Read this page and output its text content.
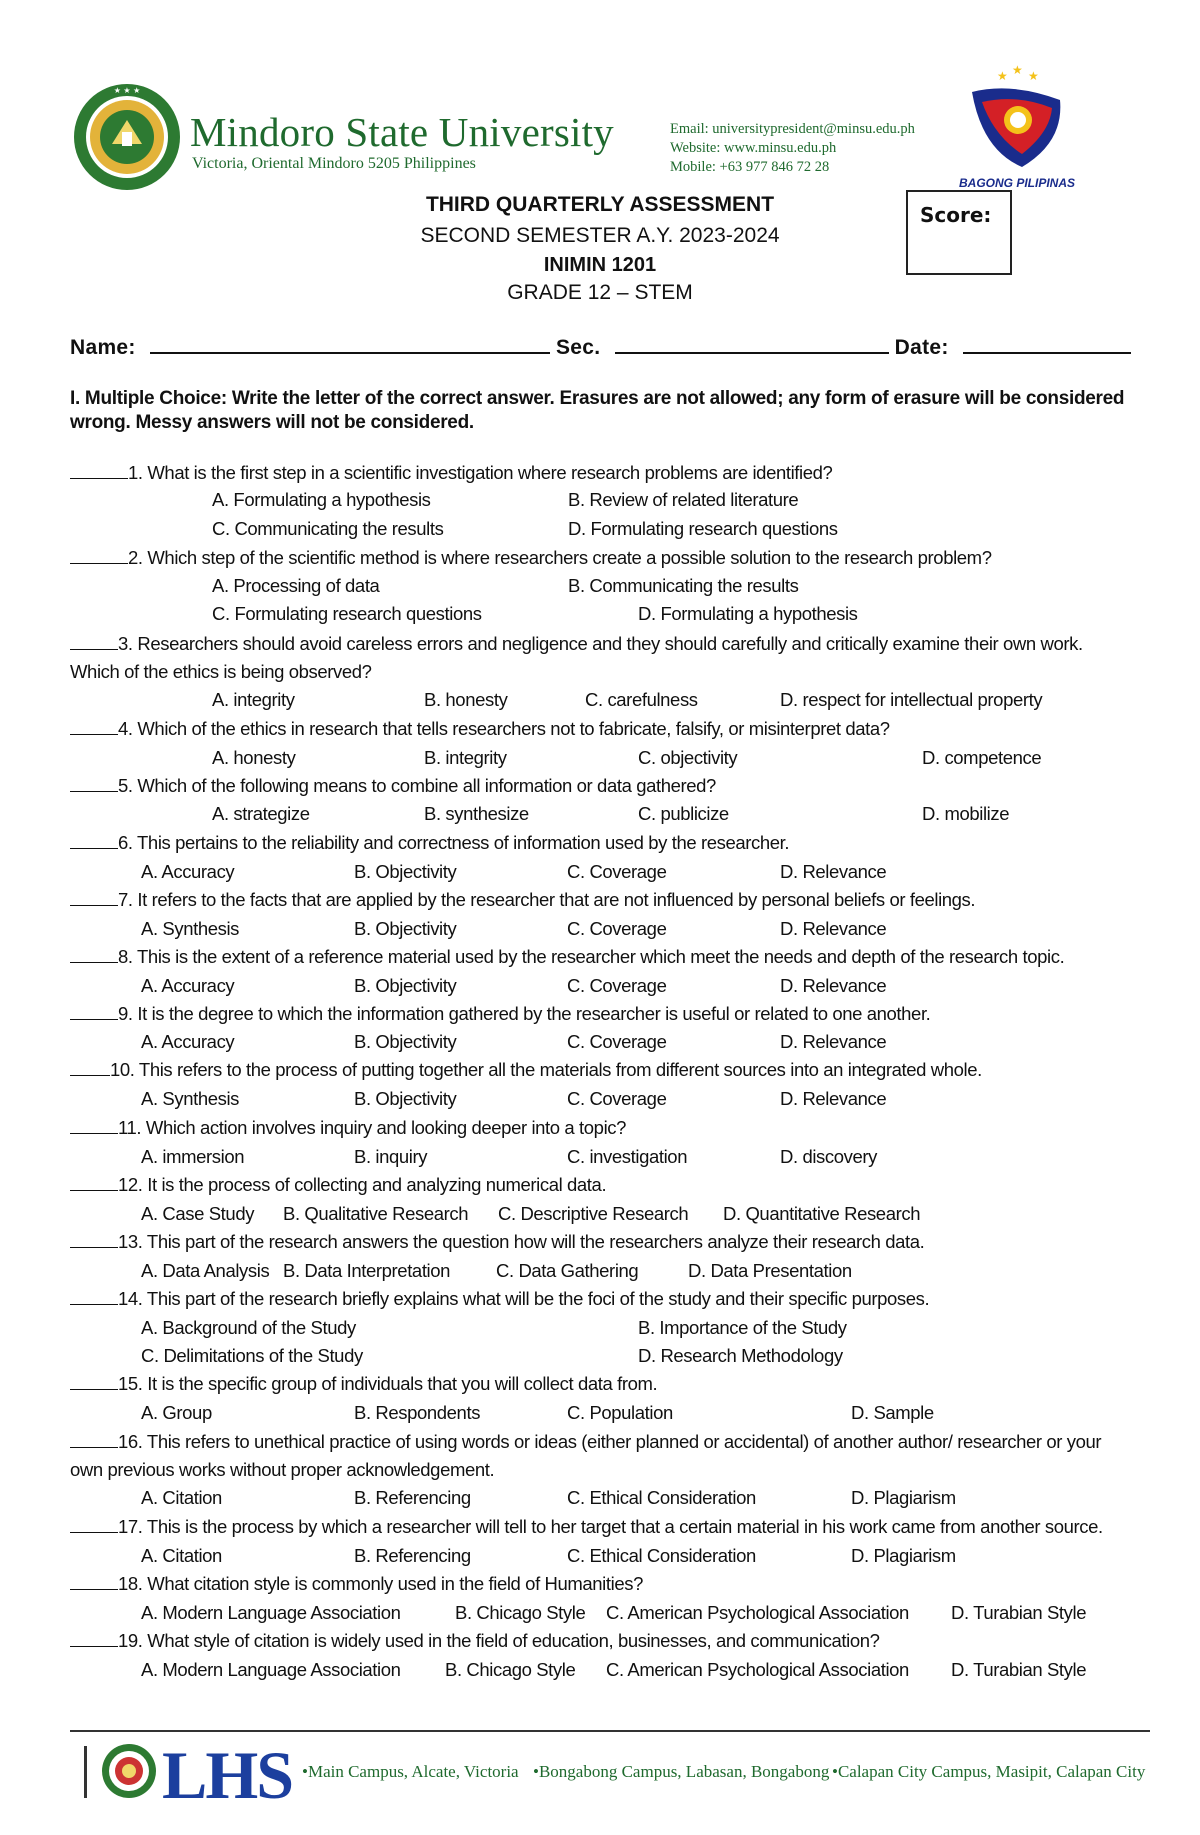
★ ★ ★
Mindoro State University
Victoria, Oriental Mindoro 5205 Philippines
Email: universitypresident@minsu.edu.ph
Website: www.minsu.edu.ph
Mobile: +63 977 846 72 28
★ ★ ★
BAGONG PILIPINAS
Score:
THIRD QUARTERLY ASSESSMENT
SECOND SEMESTER A.Y. 2023-2024
INIMIN 1201
GRADE 12 – STEM
Name:	Sec.	Date:
I. Multiple Choice: Write the letter of the correct answer. Erasures are not allowed; any form of erasure will be considered wrong. Messy answers will not be considered.
1. What is the first step in a scientific investigation where research problems are identified?
A. Formulating a hypothesis	B. Review of related literature
C. Communicating the results	D. Formulating research questions
2. Which step of the scientific method is where researchers create a possible solution to the research problem?
A. Processing of data	B. Communicating the results
C. Formulating research questions	D. Formulating a hypothesis
3. Researchers should avoid careless errors and negligence and they should carefully and critically examine their own work. Which of the ethics is being observed?
A. integrity	B. honesty	C. carefulness	D. respect for intellectual property
4. Which of the ethics in research that tells researchers not to fabricate, falsify, or misinterpret data?
A. honesty	B. integrity	C. objectivity	D. competence
5. Which of the following means to combine all information or data gathered?
A. strategize	B. synthesize	C. publicize	D. mobilize
6. This pertains to the reliability and correctness of information used by the researcher.
A. Accuracy	B. Objectivity	C. Coverage	D. Relevance
7. It refers to the facts that are applied by the researcher that are not influenced by personal beliefs or feelings.
A. Synthesis	B. Objectivity	C. Coverage	D. Relevance
8. This is the extent of a reference material used by the researcher which meet the needs and depth of the research topic.
A. Accuracy	B. Objectivity	C. Coverage	D. Relevance
9. It is the degree to which the information gathered by the researcher is useful or related to one another.
A. Accuracy	B. Objectivity	C. Coverage	D. Relevance
10. This refers to the process of putting together all the materials from different sources into an integrated whole.
A. Synthesis	B. Objectivity	C. Coverage	D. Relevance
11. Which action involves inquiry and looking deeper into a topic?
A. immersion	B. inquiry	C. investigation	D. discovery
12. It is the process of collecting and analyzing numerical data.
A. Case Study B. Qualitative Research C. Descriptive Research D. Quantitative Research
13. This part of the research answers the question how will the researchers analyze their research data.
A. Data Analysis B. Data Interpretation C. Data Gathering	D. Data Presentation
14. This part of the research briefly explains what will be the foci of the study and their specific purposes.
A. Background of the Study	B. Importance of the Study
C. Delimitations of the Study	D. Research Methodology
15. It is the specific group of individuals that you will collect data from.
A. Group	B. Respondents	C. Population	D. Sample
16. This refers to unethical practice of using words or ideas (either planned or accidental) of another author/ researcher or your own previous works without proper acknowledgement.
A. Citation	B. Referencing	C. Ethical Consideration	D. Plagiarism
17. This is the process by which a researcher will tell to her target that a certain material in his work came from another source.
A. Citation	B. Referencing	C. Ethical Consideration	D. Plagiarism
18. What citation style is commonly used in the field of Humanities?
A. Modern Language Association	B. Chicago Style C. American Psychological Association D. Turabian Style
19. What style of citation is widely used in the field of education, businesses, and communication?
A. Modern Language Association B. Chicago Style C. American Psychological Association D. Turabian Style
LHS •Main Campus, Alcate, Victoria •Bongabong Campus, Labasan, Bongabong •Calapan City Campus, Masipit, Calapan City
